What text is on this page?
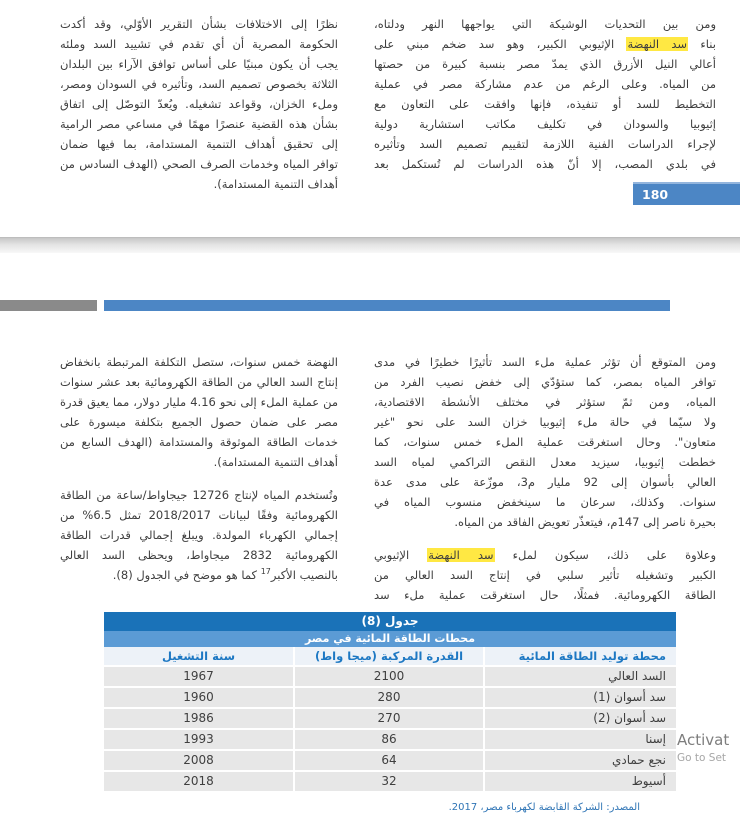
ومن بين التحديات الوشيكة التي يواجهها النهر ودلتاه،
بناء سد النهضة الإثيوبي الكبير، وهو سد ضخم مبني على
أعالي النيل الأزرق الذي يمدّ مصر بنسبة كبيرة من حصتها
من المياه. وعلى الرغم من عدم مشاركة مصر في عملية
التخطيط للسد أو تنفيذه، فإنها وافقت على التعاون مع
إثيوبيا والسودان في تكليف مكاتب استشارية دولية
لإجراء الدراسات الفنية اللازمة لتقييم تصميم السد وتأثيره
في بلدي المصب، إلا أنّ هذه الدراسات لم تُستكمل بعد
نظرًا إلى الاختلافات بشأن التقرير الأوّلي، وقد أكدت
الحكومة المصرية أن أي تقدم في تشييد السد وملئه
يجب أن يكون مبنيًا على أساس توافق الآراء بين البلدان
الثلاثة بخصوص تصميم السد، وتأثيره في السودان ومصر،
وملء الخزان، وقواعد تشغيله. ويُعدّ التوصّل إلى اتفاق
بشأن هذه القضية عنصرًا مهمًا في مساعي مصر الرامية
إلى تحقيق أهداف التنمية المستدامة، بما فيها ضمان
توافر المياه وخدمات الصرف الصحي (الهدف السادس من
أهداف التنمية المستدامة).
180
ومن المتوقع أن تؤثر عملية ملء السد تأثيرًا خطيرًا في مدى
توافر المياه بمصر، كما ستؤدّي إلى خفض نصيب الفرد من
المياه، ومن ثمّ ستؤثر في مختلف الأنشطة الاقتصادية،
ولا سيّما في حالة ملء إثيوبيا خزان السد على نحو "غير
متعاون". وحال استغرقت عملية الملء خمس سنوات، كما
خططت إثيوبيا، سيزيد معدل النقص التراكمي لمياه السد
العالي بأسوان إلى 92 مليار م3، موزّعة على مدى عدة
سنوات. وكذلك، سرعان ما سينخفض منسوب المياه في
بحيرة ناصر إلى 147م، فيتعذّر تعويض الفاقد من المياه.
وعلاوة على ذلك، سيكون لملء سد النهضة الإثيوبي
الكبير وتشغيله تأثير سلبي في إنتاج السد العالي من
الطاقة الكهرومائية. فمثلًا، حال استغرقت عملية ملء سد
النهضة خمس سنوات، ستصل التكلفة المرتبطة بانخفاض
إنتاج السد العالي من الطاقة الكهرومائية بعد عشر سنوات
من عملية الملء إلى نحو 4.16 مليار دولار، مما يعيق قدرة
مصر على ضمان حصول الجميع بتكلفة ميسورة على
خدمات الطاقة الموثوقة والمستدامة (الهدف السابع من
أهداف التنمية المستدامة).
وتُستخدم المياه لإنتاج 12726 جيجاواط/ساعة من الطاقة
الكهرومائية وفقًا لبيانات 2018/2017 تمثل 6.5% من
إجمالي الكهرباء المولدة. ويبلغ إجمالي قدرات الطاقة
الكهرومائية 2832 ميجاواط، ويحظى السد العالي
بالنصيب الأكبر$^{17}$ كما هو موضح في الجدول (8).
جدول (8)
محطات الطاقة المائية في مصر
محطة توليد الطاقة المائية
القدرة المركبة (ميجا واط)
سنة التشغيل
السد العالي
2100
1967
سد أسوان (1)
280
1960
سد أسوان (2)
270
1986
إسنا
86
1993
نجع حمادي
64
2008
أسيوط
32
2018
المصدر: الشركة القابضة لكهرباء مصر، 2017.
Activat
Go to Set
